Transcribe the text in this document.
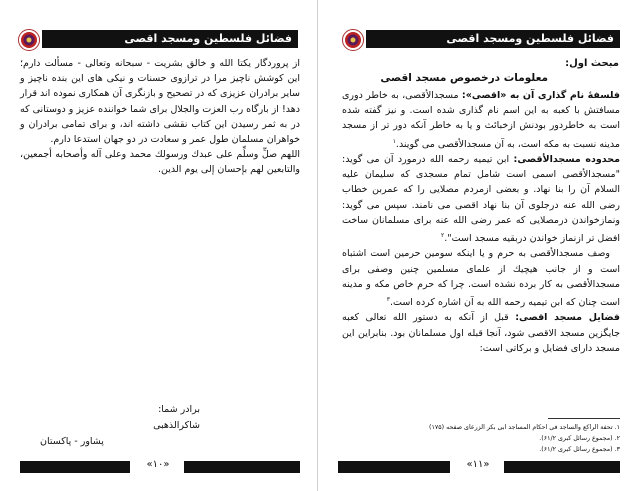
فضائل فلسطين ومسجد اقصى

از پروردگار يكتا الله و خالق بشريت - سبحانه وتعالى - مسألت دارم؛ اين كوشش ناچيز مرا در ترازوى حسنات و نيكى هاى اين بنده ناچيز و ساير برادران عزيزى كه در تصحيح و بازنگرى آن همكارى نموده اند قرار دهد! از بارگاه رب العزت والجلال براى شما خواننده عزيز و دوستانى كه در به ثمر رسيدن اين كتاب نقشى داشته اند، و براى تمامى برادران و خواهران مسلمان طول عمر و سعادت در دو جهان استدعا دارم.

اللهم صلِّ وسلِّم على عبدك ورسولك محمد وعلى آله وأصحابه أجمعين، والتابعين لهم بإحسان إلى يوم الدين.

برادر شما:
شاكرالذهبى
پشاور - پاكستان
«۱۰»
فضائل فلسطين ومسجد اقصى
مبحث اول:
معلومات درخصوص مسجد اقصى

فلسفهٔ نام گذارى آن به «اقصى»: مسجدالأقصى، به خاطر دورى مسافتش با كعبه به اين اسم نام گذارى شده است. و نيز گفته شده است به خاطردور بودنش ازخبائث و يا به خاطر آنكه دور تر از مسجد مدينه نسبت به مكه است، به آن مسجدالأقصى مى گويند.$^۱$

محدوده مسجدالأقصى: ابن تيميه رحمه الله درمورد آن مى گويد: "مسجدالأقصى اسمى است شامل تمام مسجدى كه سليمان عليه السلام آن را بنا نهاد. و بعضى ازمردم مصلايى را كه عمربن خطاب رضى الله عنه درجلوى آن بنا نهاد اقصى مى نامند. سپس مى گويد: ونمازخواندن درمصلايى كه عمر رضى الله عنه براى مسلمانان ساخت افضل تر ازنماز خواندن دربقيه مسجد است".$^۲$

وصف مسجدالأقصى به حرم و يا اينكه سومين حرمين است اشتباه است و از جانب هيچيك از علماى مسلمين چنين وصفى براى مسجدالأقصى به كار برده نشده است. چرا كه حرم خاص مكه و مدينه است چنان كه ابن تيميه رحمه الله به آن اشاره كرده است.$^۳$

فضايل مسجد اقصى: قبل از آنكه به دستور الله تعالى كعبه جايگزين مسجد الاقصى شود، آنجا قبله اول مسلمانان بود. بنابراين اين مسجد داراى فضايل و بركاتى است:

۱. تحفة الراكع والساجد فى احكام المساجد ابى بكر الزرعاى صفحه (۱۷۵)
۲. (مجموع رسائل كبرى ۶۱/۲).
۳. (مجموع رسائل كبرى ۶۱/۲).
«۱۱»
